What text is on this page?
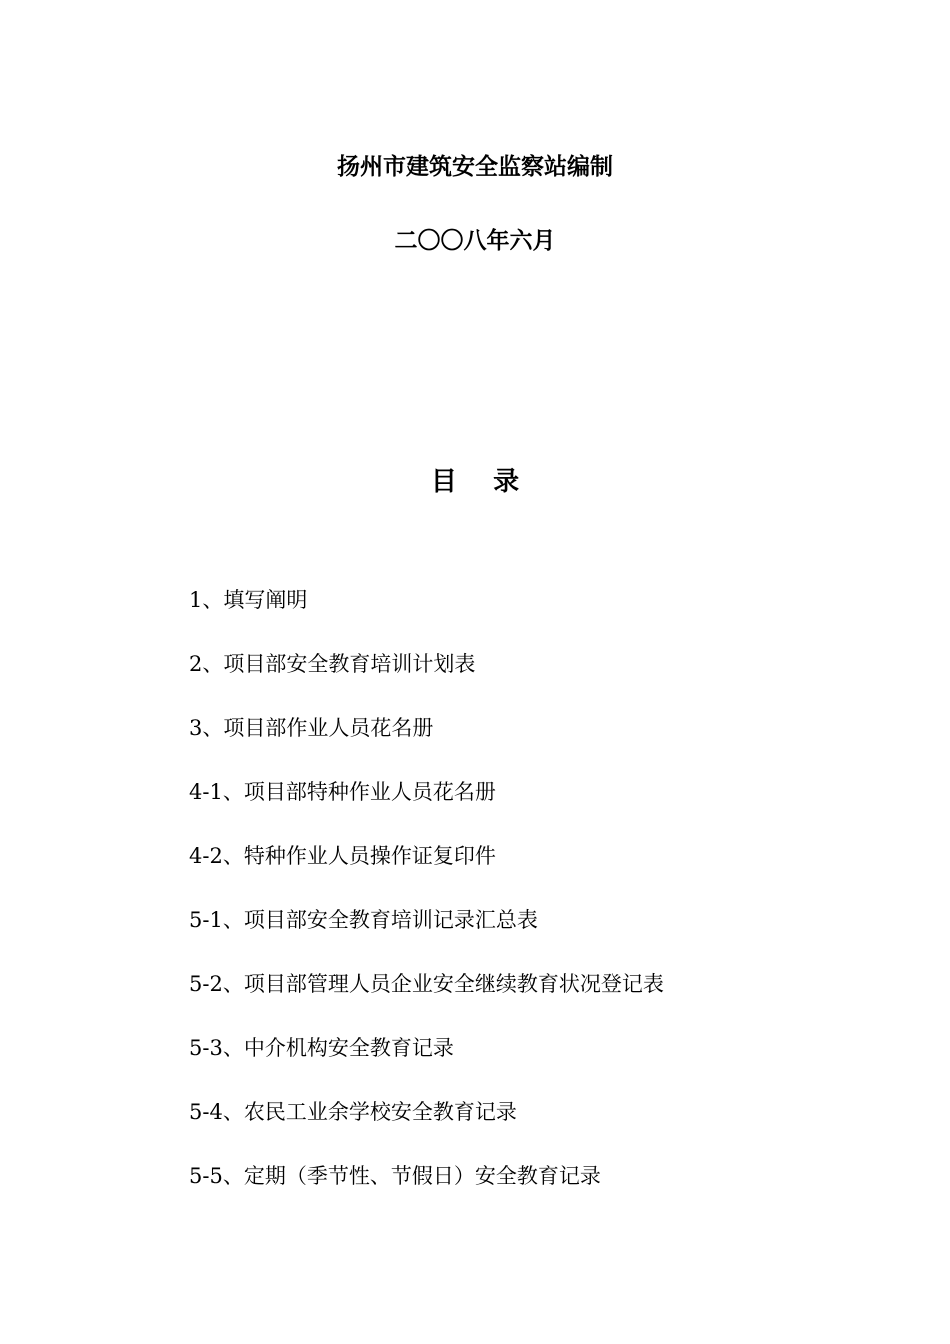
扬州市建筑安全监察站编制
二〇〇八年六月
目    录
1、填写阐明
2、项目部安全教育培训计划表
3、项目部作业人员花名册
4-1、项目部特种作业人员花名册
4-2、特种作业人员操作证复印件
5-1、项目部安全教育培训记录汇总表
5-2、项目部管理人员企业安全继续教育状况登记表
5-3、中介机构安全教育记录
5-4、农民工业余学校安全教育记录
5-5、定期（季节性、节假日）安全教育记录
